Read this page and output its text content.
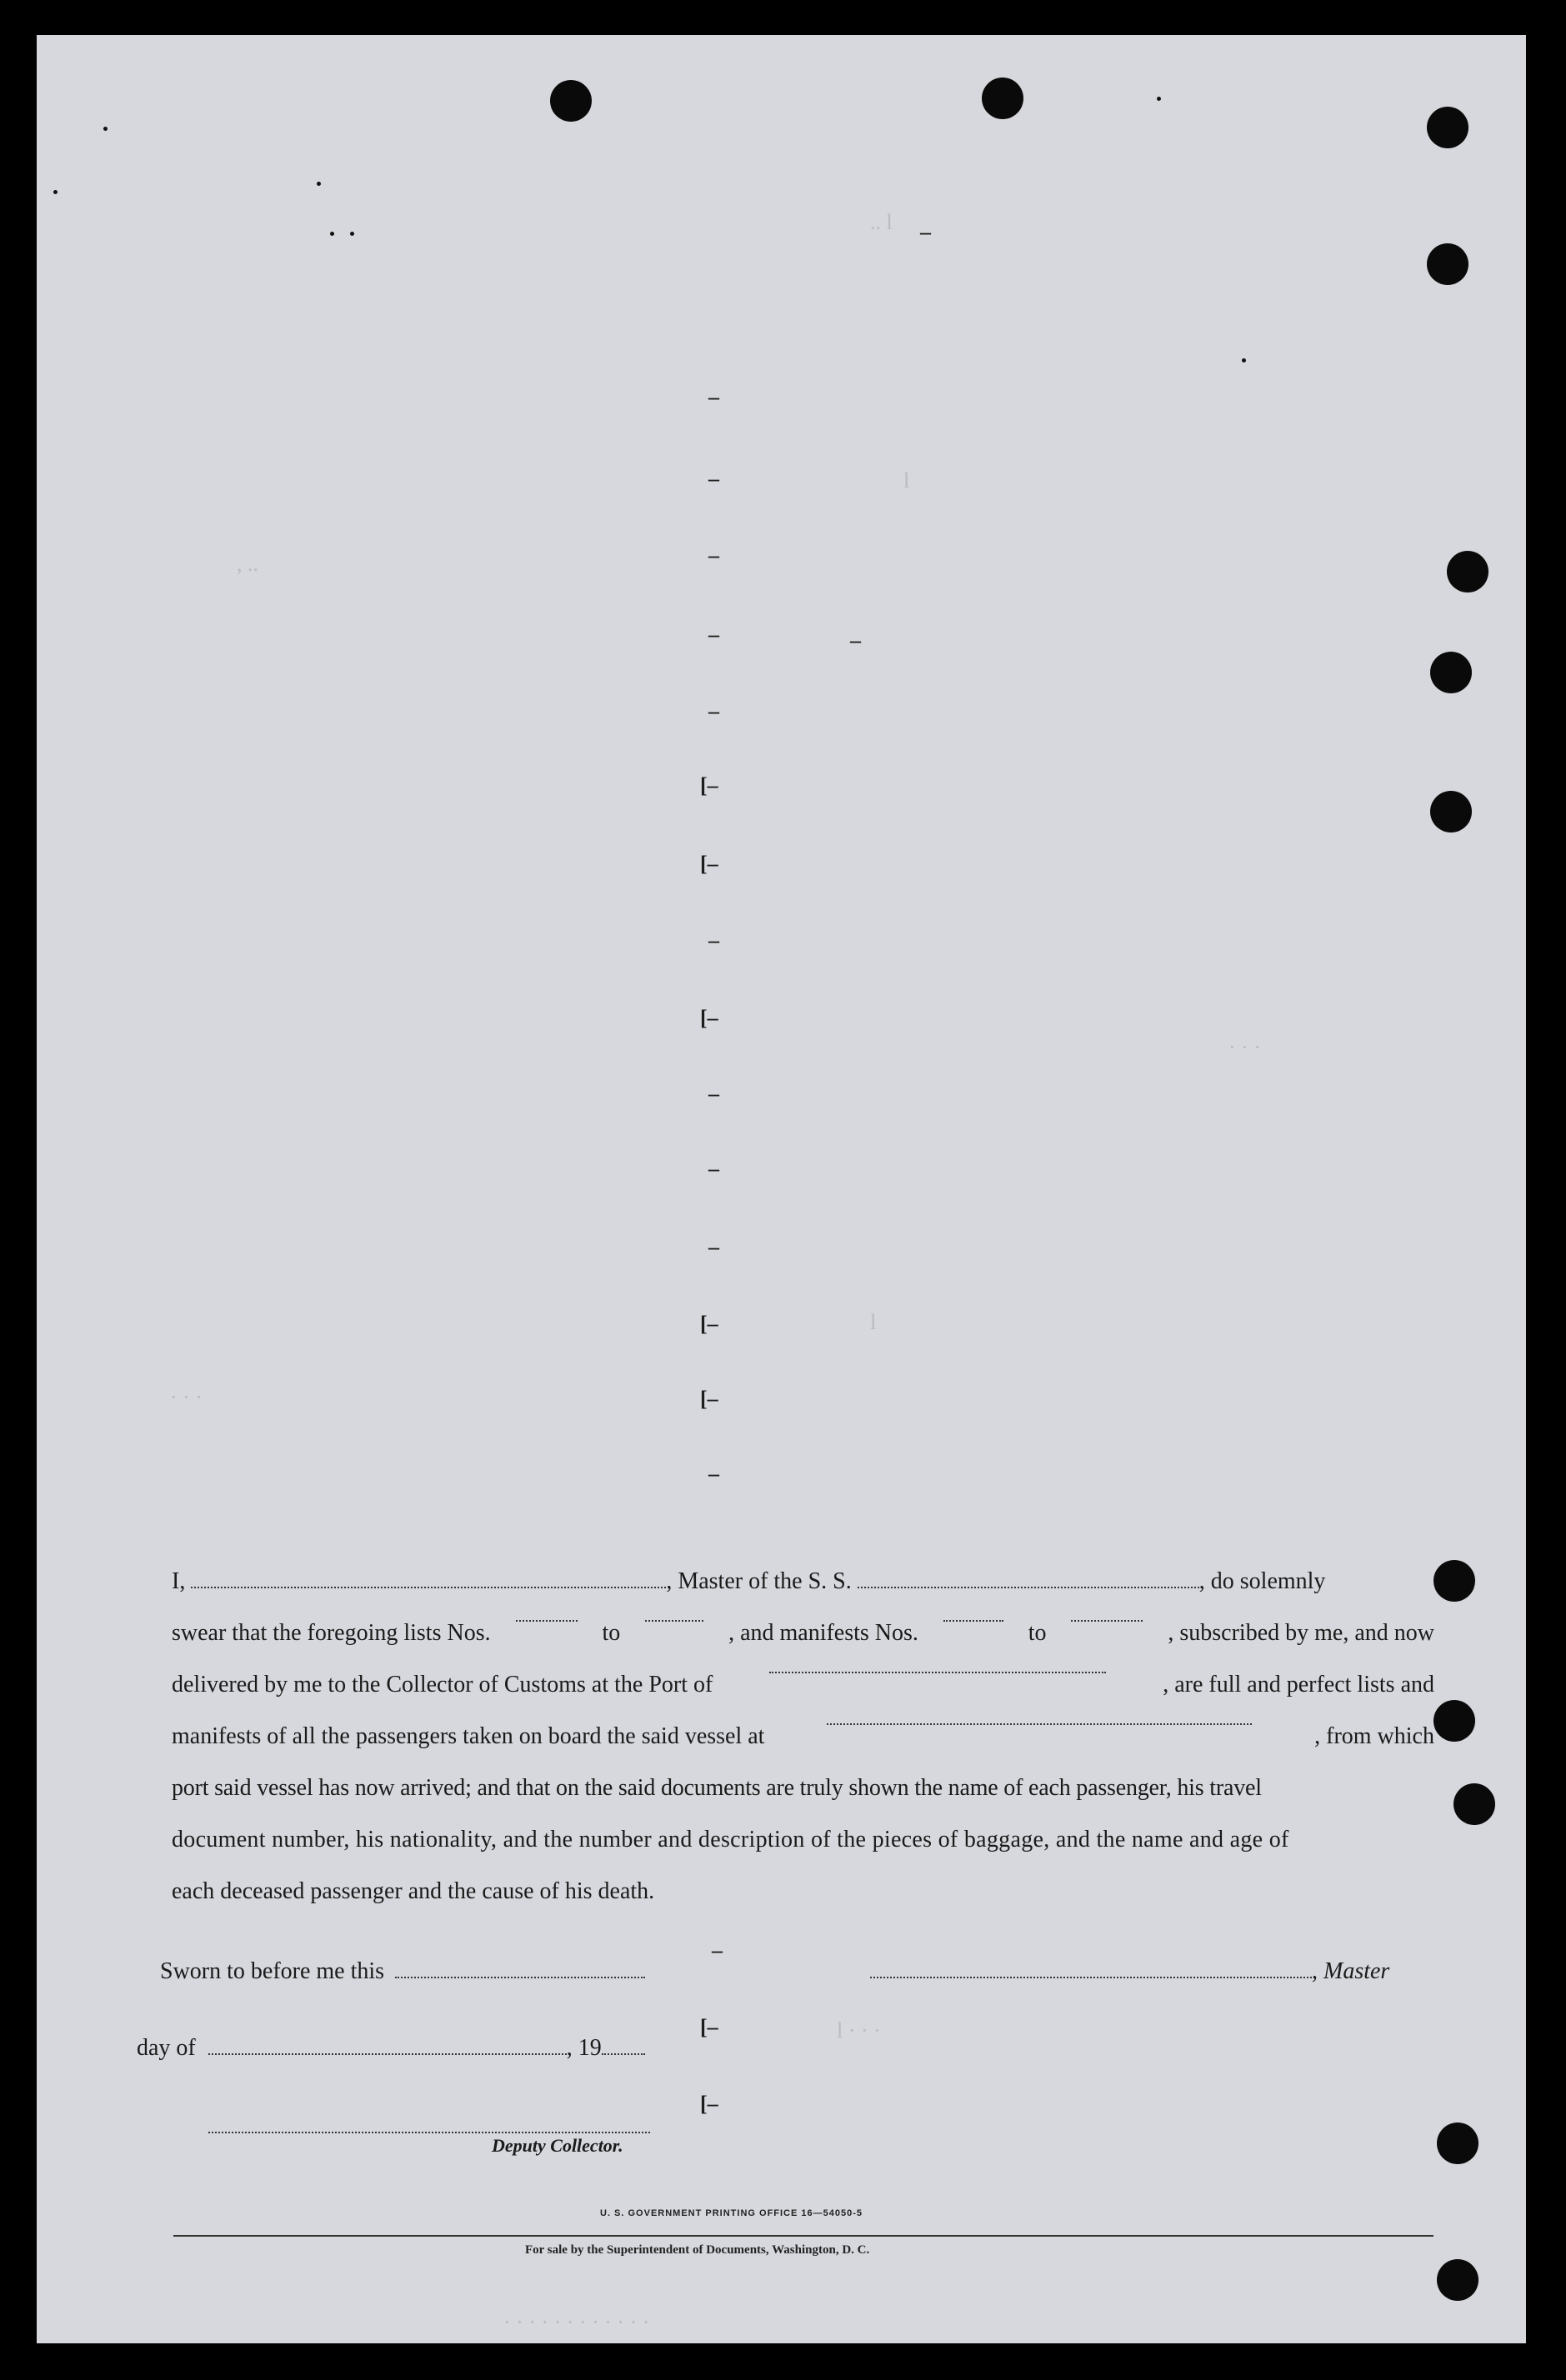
–
–
–
–
–
[–
[–
–
[–
–
–
–
[–
[–
–
–
–
–
[–
[–
.. l
l
, ..
· · ·
· · ·
l
l · · ·
· · · · · · · · · · · ·
I,	, Master of the S. S.	, do solemnly
swear that the foregoing lists Nos.	to	, and manifests Nos.	to	, subscribed by me, and now
delivered by me to the Collector of Customs at the Port of	, are full and perfect lists and
manifests of all the passengers taken on board the said vessel at	, from which
port said vessel has now arrived; and that on the said documents are truly shown the name of each passenger, his travel
document number, his nationality, and the number and description of the pieces of baggage, and the name and age of
each deceased passenger and the cause of his death.
Sworn to before me this	, Master
day of	, 19
Deputy Collector.
U. S. GOVERNMENT PRINTING OFFICE 16—54050-5
For sale by the Superintendent of Documents, Washington, D. C.
